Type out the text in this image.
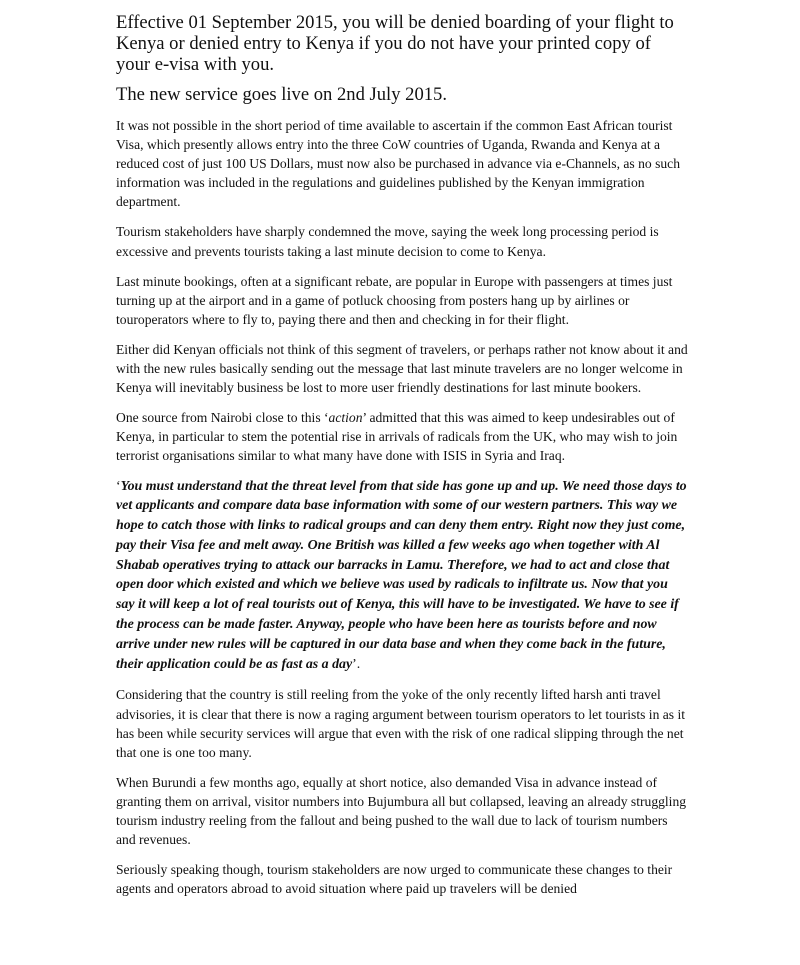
Effective 01 September 2015, you will be denied boarding of your flight to Kenya or denied entry to Kenya if you do not have your printed copy of your e-visa with you.

The new service goes live on 2nd July 2015.

It was not possible in the short period of time available to ascertain if the common East African tourist Visa, which presently allows entry into the three CoW countries of Uganda, Rwanda and Kenya at a reduced cost of just 100 US Dollars, must now also be purchased in advance via e-Channels, as no such information was included in the regulations and guidelines published by the Kenyan immigration department.

Tourism stakeholders have sharply condemned the move, saying the week long processing period is excessive and prevents tourists taking a last minute decision to come to Kenya.

Last minute bookings, often at a significant rebate, are popular in Europe with passengers at times just turning up at the airport and in a game of potluck choosing from posters hang up by airlines or touroperators where to fly to, paying there and then and checking in for their flight.

Either did Kenyan officials not think of this segment of travelers, or perhaps rather not know about it and with the new rules basically sending out the message that last minute travelers are no longer welcome in Kenya will inevitably business be lost to more user friendly destinations for last minute bookers.

One source from Nairobi close to this ‘action’ admitted that this was aimed to keep undesirables out of Kenya, in particular to stem the potential rise in arrivals of radicals from the UK, who may wish to join terrorist organisations similar to what many have done with ISIS in Syria and Iraq.

‘You must understand that the threat level from that side has gone up and up. We need those days to vet applicants and compare data base information with some of our western partners. This way we hope to catch those with links to radical groups and can deny them entry. Right now they just come, pay their Visa fee and melt away. One British was killed a few weeks ago when together with Al Shabab operatives trying to attack our barracks in Lamu. Therefore, we had to act and close that open door which existed and which we believe was used by radicals to infiltrate us. Now that you say it will keep a lot of real tourists out of Kenya, this will have to be investigated. We have to see if the process can be made faster. Anyway, people who have been here as tourists before and now arrive under new rules will be captured in our data base and when they come back in the future, their application could be as fast as a day’.

Considering that the country is still reeling from the yoke of the only recently lifted harsh anti travel advisories, it is clear that there is now a raging argument between tourism operators to let tourists in as it has been while security services will argue that even with the risk of one radical slipping through the net that one is one too many.

When Burundi a few months ago, equally at short notice, also demanded Visa in advance instead of granting them on arrival, visitor numbers into Bujumbura all but collapsed, leaving an already struggling tourism industry reeling from the fallout and being pushed to the wall due to lack of tourism numbers and revenues.

Seriously speaking though, tourism stakeholders are now urged to communicate these changes to their agents and operators abroad to avoid situation where paid up travelers will be denied
